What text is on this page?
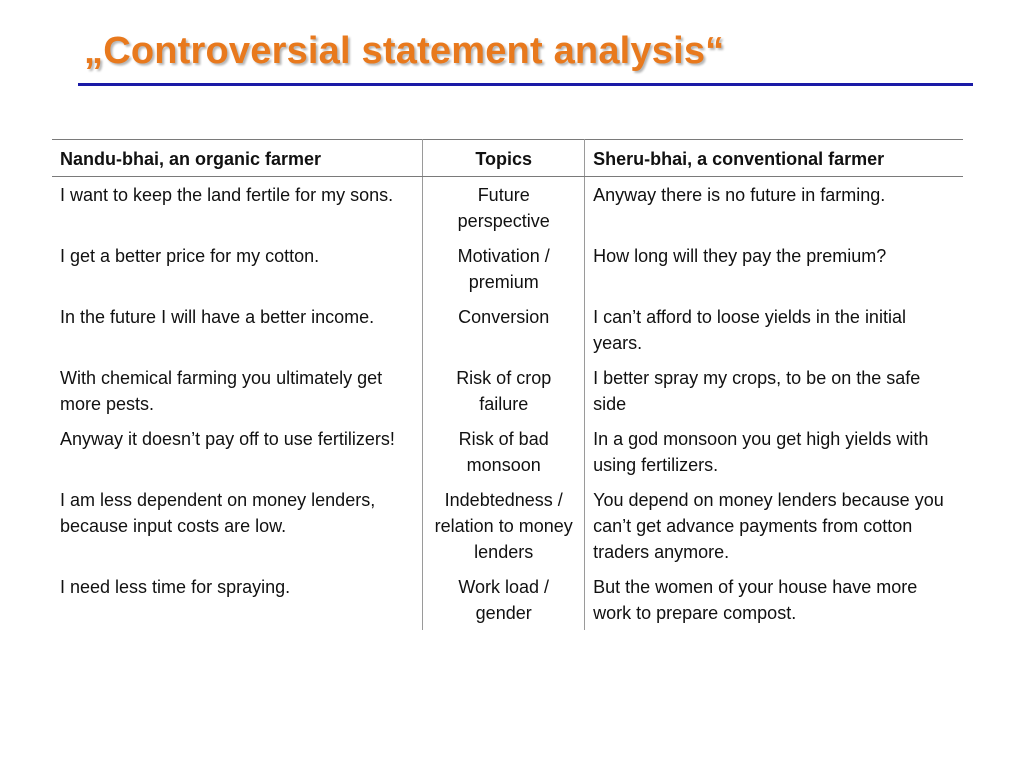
„Controversial statement analysis“
Nandu-bhai, an organic farmer	Topics	Sheru-bhai, a conventional farmer
I want to keep the land fertile for my sons.	Future perspective	Anyway there is no future in farming.
I get a better price for my cotton.	Motivation / premium	How long will they pay the premium?
In the future I will have a better income.	Conversion	I can’t afford to loose yields in the initial years.
With chemical farming you ultimately get more pests.	Risk of crop failure	I better spray my crops, to be on the safe side
Anyway it doesn’t pay off to use fertilizers!	Risk of bad monsoon	In a god monsoon you get high yields with using fertilizers.
I am less dependent on money lenders, because input costs are low.	Indebtedness / relation to money lenders	You depend on money lenders because you can’t get advance payments from cotton traders anymore.
I need less time for spraying.	Work load / gender	But the women of your house have more work to prepare compost.
